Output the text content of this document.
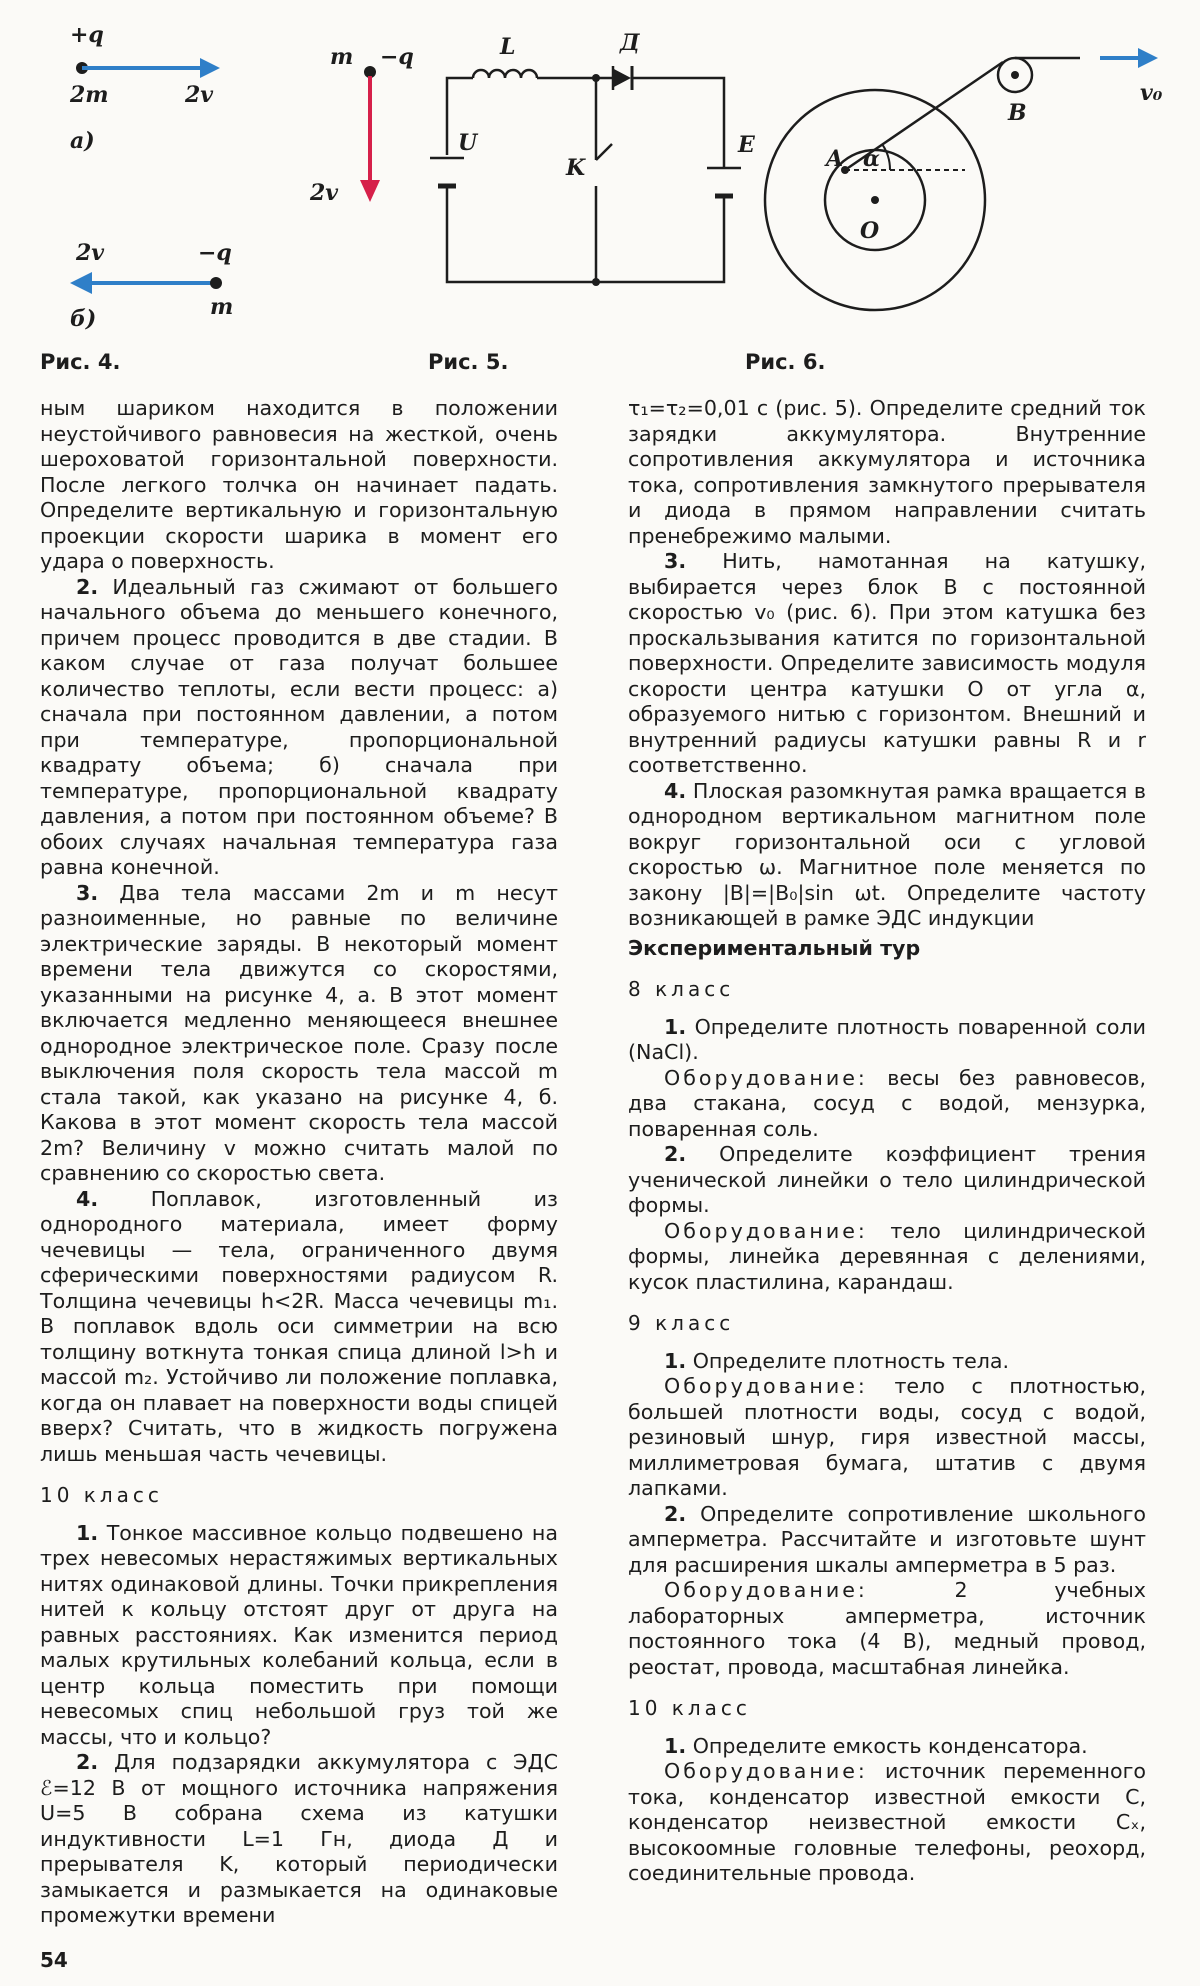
+q
2m	2v
а)
2v	−q
m
б)
m −q
2v
L	Д
U
K
E
A α
O
B
v₀
Рис. 4.	Рис. 5.	Рис. 6.

ным шариком находится в положении неустойчивого равновесия на жесткой, очень шероховатой горизонтальной поверхности. После легкого толчка он начинает падать. Определите вертикальную и горизонтальную проекции скорости шарика в момент его удара о поверхность.

2. Идеальный газ сжимают от большего начального объема до меньшего конечного, причем процесс проводится в две стадии. В каком случае от газа получат большее количество теплоты, если вести процесс: а) сначала при постоянном давлении, а потом при температуре, пропорциональной квадрату объема; б) сначала при температуре, пропорциональной квадрату давления, а потом при постоянном объеме? В обоих случаях начальная температура газа равна конечной.

3. Два тела массами 2m и m несут разноименные, но равные по величине электрические заряды. В некоторый момент времени тела движутся со скоростями, указанными на рисунке 4, а. В этот момент включается медленно меняющееся внешнее однородное электрическое поле. Сразу после выключения поля скорость тела массой m стала такой, как указано на рисунке 4, б. Какова в этот момент скорость тела массой 2m? Величину v можно считать малой по сравнению со скоростью света.

4.	Поплавок, изготовленный из однородного материала, имеет форму чечевицы — тела, ограниченного двумя сферическими поверхностями радиусом R. Толщина чечевицы h<2R. Масса чечевицы m₁. В поплавок вдоль оси симметрии на всю толщину воткнута тонкая спица длиной l>h и массой m₂. Устойчиво ли положение поплавка, когда он плавает на поверхности воды спицей вверх? Считать, что в жидкость погружена лишь меньшая часть чечевицы.

10 класс

1. Тонкое массивное кольцо подвешено на трех невесомых нерастяжимых вертикальных нитях одинаковой длины. Точки прикрепления нитей к кольцу отстоят друг от друга на равных расстояниях. Как изменится период малых крутильных колебаний кольца, если в центр кольца поместить при помощи невесомых спиц небольшой груз той же массы, что и кольцо?

2. Для подзарядки аккумулятора с ЭДС ℰ=12 В от мощного источника напряжения U=5 В собрана схема из катушки индуктивности L=1 Гн, диода Д и прерывателя K, который периодически замыкается и размыкается на одинаковые промежутки времени

τ₁=τ₂=0,01 с (рис. 5). Определите средний ток зарядки аккумулятора. Внутренние сопротивления аккумулятора и источника тока, сопротивления замкнутого прерывателя и диода в прямом направлении считать пренебрежимо малыми.

3. Нить, намотанная на катушку, выбирается через блок B с постоянной скоростью v₀ (рис. 6). При этом катушка без проскальзывания катится по горизонтальной поверхности. Определите зависимость модуля скорости центра катушки O от угла α, образуемого нитью с горизонтом. Внешний и внутренний радиусы катушки равны R и r соответственно.

4. Плоская разомкнутая рамка вращается в однородном вертикальном магнитном поле вокруг горизонтальной оси с угловой скоростью ω. Магнитное поле меняется по закону |B|=|B₀|sin ωt. Определите частоту возникающей в рамке ЭДС индукции

Экспериментальный тур

8 класс

1. Определите плотность поваренной соли (NaCl).

Оборудование: весы без равновесов, два стакана, сосуд с водой, мензурка, поваренная соль.

2. Определите коэффициент трения ученической линейки о тело цилиндрической формы.

Оборудование: тело цилиндрической формы, линейка деревянная с делениями, кусок пластилина, карандаш.

9 класс

1. Определите плотность тела.

Оборудование: тело с плотностью, большей плотности воды, сосуд с водой, резиновый шнур, гиря известной массы, миллиметровая бумага, штатив с двумя лапками.

2. Определите сопротивление школьного амперметра. Рассчитайте и изготовьте шунт для расширения шкалы амперметра в 5 раз.

Оборудование:	2 учебных лабораторных амперметра, источник постоянного тока (4 В), медный провод, реостат, провода, масштабная линейка.

10 класс

1. Определите емкость конденсатора.

Оборудование: источник переменного тока, конденсатор известной емкости C, конденсатор неизвестной емкости Cₓ, высокоомные головные телефоны, реохорд, соединительные провода.

54
